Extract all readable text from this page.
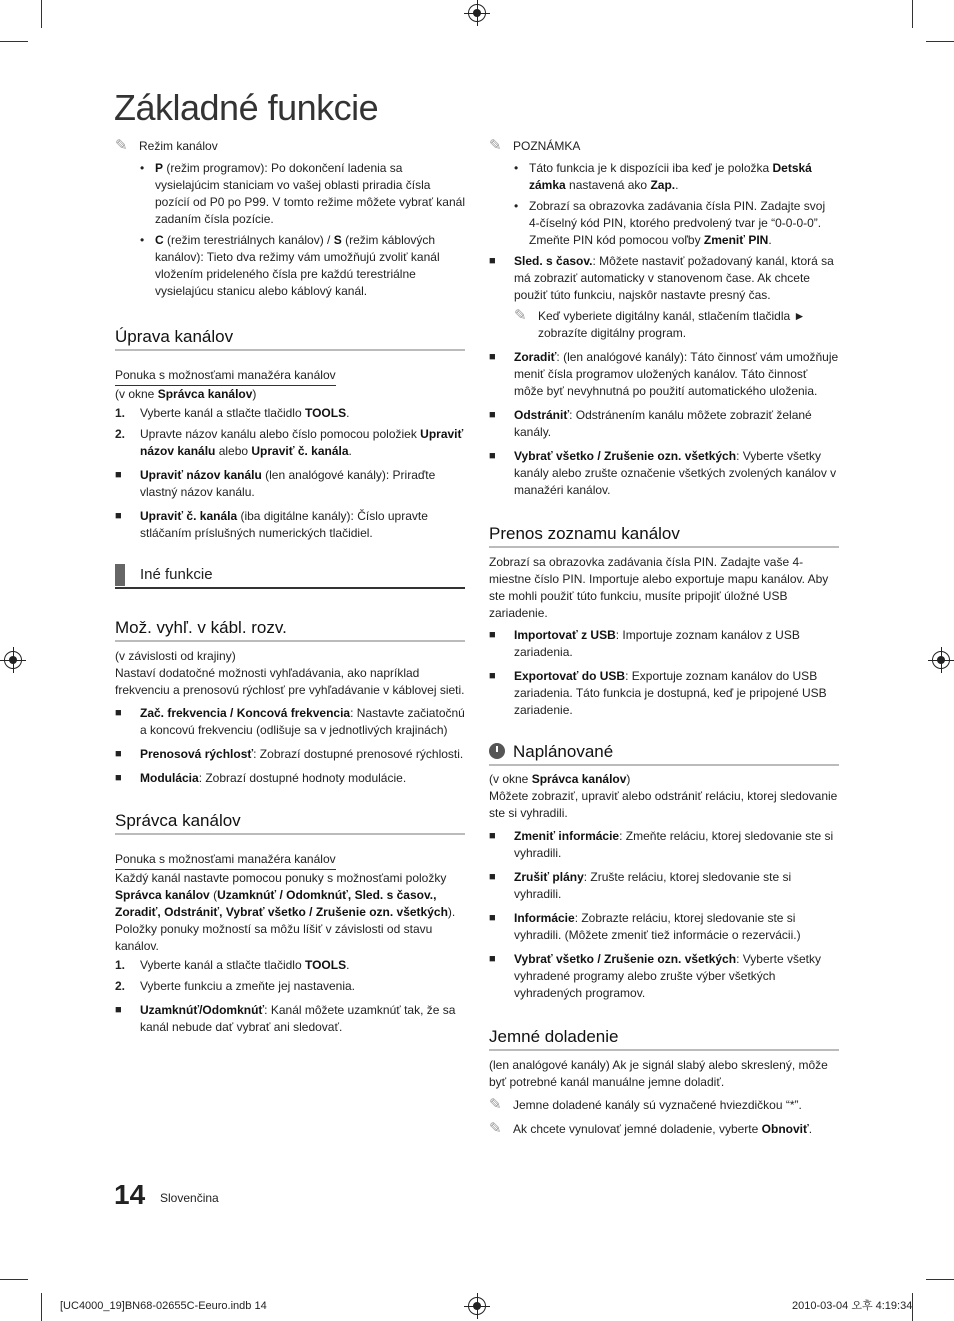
Základné funkcie
✎ Režim kanálov
• P (režim programov): Po dokončení ladenia sa vysielajúcim staniciam vo vašej oblasti priradia čísla pozícií od P0 po P99. V tomto režime môžete vybrať kanál zadaním čísla pozície.
• C (režim terestriálnych kanálov) / S (režim káblových kanálov): Tieto dva režimy vám umožňujú zvoliť kanál vložením prideleného čísla pre každú terestriálne vysielajúcu stanicu alebo káblový kanál.
Úprava kanálov
Ponuka s možnosťami manažéra kanálov
(v okne Správca kanálov)
1.	Vyberte kanál a stlačte tlačidlo TOOLS.
2.	Upravte názov kanálu alebo číslo pomocou položiek Upraviť názov kanálu alebo Upraviť č. kanála.
■	Upraviť názov kanálu (len analógové kanály): Priraďte vlastný názov kanálu.
■	Upraviť č. kanála (iba digitálne kanály): Číslo upravte stláčaním príslušných numerických tlačidiel.
Iné funkcie
Mož. vyhľ. v kábl. rozv.
(v závislosti od krajiny)
Nastaví dodatočné možnosti vyhľadávania, ako napríklad frekvenciu a prenosovú rýchlosť pre vyhľadávanie v káblovej sieti.
■	Zač. frekvencia / Koncová frekvencia: Nastavte začiatočnú a koncovú frekvenciu (odlišuje sa v jednotlivých krajinách)
■	Prenosová rýchlosť: Zobrazí dostupné prenosové rýchlosti.
■	Modulácia: Zobrazí dostupné hodnoty modulácie.
Správca kanálov
Ponuka s možnosťami manažéra kanálov
Každý kanál nastavte pomocou ponuky s možnosťami položky Správca kanálov (Uzamknúť / Odomknúť, Sled. s časov., Zoradiť, Odstrániť, Vybrať všetko / Zrušenie ozn. všetkých). Položky ponuky možností sa môžu líšiť v závislosti od stavu kanálov.
1.	Vyberte kanál a stlačte tlačidlo TOOLS.
2.	Vyberte funkciu a zmeňte jej nastavenia.
■	Uzamknúť/Odomknúť: Kanál môžete uzamknúť tak, že sa kanál nebude dať vybrať ani sledovať.
✎ POZNÁMKA
• Táto funkcia je k dispozícii iba keď je položka Detská zámka nastavená ako Zap..
• Zobrazí sa obrazovka zadávania čísla PIN. Zadajte svoj 4-číselný kód PIN, ktorého predvolený tvar je “0-0-0-0”. Zmeňte PIN kód pomocou voľby Zmeniť PIN.
■	Sled. s časov.: Môžete nastaviť požadovaný kanál, ktorá sa má zobraziť automaticky v stanovenom čase. Ak chcete použiť túto funkciu, najskôr nastavte presný čas.
✎ Keď vyberiete digitálny kanál, stlačením tlačidla ► zobrazíte digitálny program.
■	Zoradiť: (len analógové kanály): Táto činnosť vám umožňuje meniť čísla programov uložených kanálov. Táto činnosť môže byť nevyhnutná po použití automatického uloženia.
■	Odstrániť: Odstránením kanálu môžete zobraziť želané kanály.
■	Vybrať všetko / Zrušenie ozn. všetkých: Vyberte všetky kanály alebo zrušte označenie všetkých zvolených kanálov v manažéri kanálov.
Prenos zoznamu kanálov
Zobrazí sa obrazovka zadávania čísla PIN. Zadajte vaše 4-miestne číslo PIN. Importuje alebo exportuje mapu kanálov. Aby ste mohli použiť túto funkciu, musíte pripojiť úložné USB zariadenie.
■	Importovať z USB: Importuje zoznam kanálov z USB zariadenia.
■	Exportovať do USB: Exportuje zoznam kanálov do USB zariadenia. Táto funkcia je dostupná, keď je pripojené USB zariadenie.
Naplánované
(v okne Správca kanálov)
Môžete zobraziť, upraviť alebo odstrániť reláciu, ktorej sledovanie ste si vyhradili.
■	Zmeniť informácie: Zmeňte reláciu, ktorej sledovanie ste si vyhradili.
■	Zrušiť plány: Zrušte reláciu, ktorej sledovanie ste si vyhradili.
■	Informácie: Zobrazte reláciu, ktorej sledovanie ste si vyhradili. (Môžete zmeniť tiež informácie o rezervácii.)
■	Vybrať všetko / Zrušenie ozn. všetkých: Vyberte všetky vyhradené programy alebo zrušte výber všetkých vyhradených programov.
Jemné doladenie
(len analógové kanály) Ak je signál slabý alebo skreslený, môže byť potrebné kanál manuálne jemne doladiť.
✎ Jemne doladené kanály sú vyznačené hviezdičkou “*”.
✎ Ak chcete vynulovať jemné doladenie, vyberte Obnoviť.
14 Slovenčina
[UC4000_19]BN68-02655C-Eeuro.indb 14	2010-03-04 오후 4:19:34
